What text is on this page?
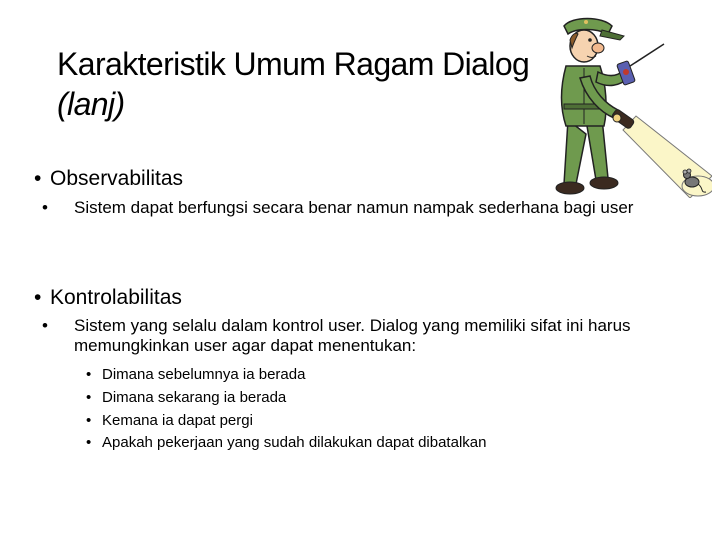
Karakteristik Umum Ragam Dialog
(lanj)
• Observabilitas
• Sistem dapat berfungsi secara benar namun nampak sederhana bagi user
• Kontrolabilitas
• Sistem yang selalu dalam kontrol user. Dialog yang memiliki sifat ini harus memungkinkan user agar dapat menentukan:
• Dimana sebelumnya ia berada
• Dimana sekarang ia berada
• Kemana ia dapat pergi
• Apakah pekerjaan yang sudah dilakukan dapat dibatalkan
